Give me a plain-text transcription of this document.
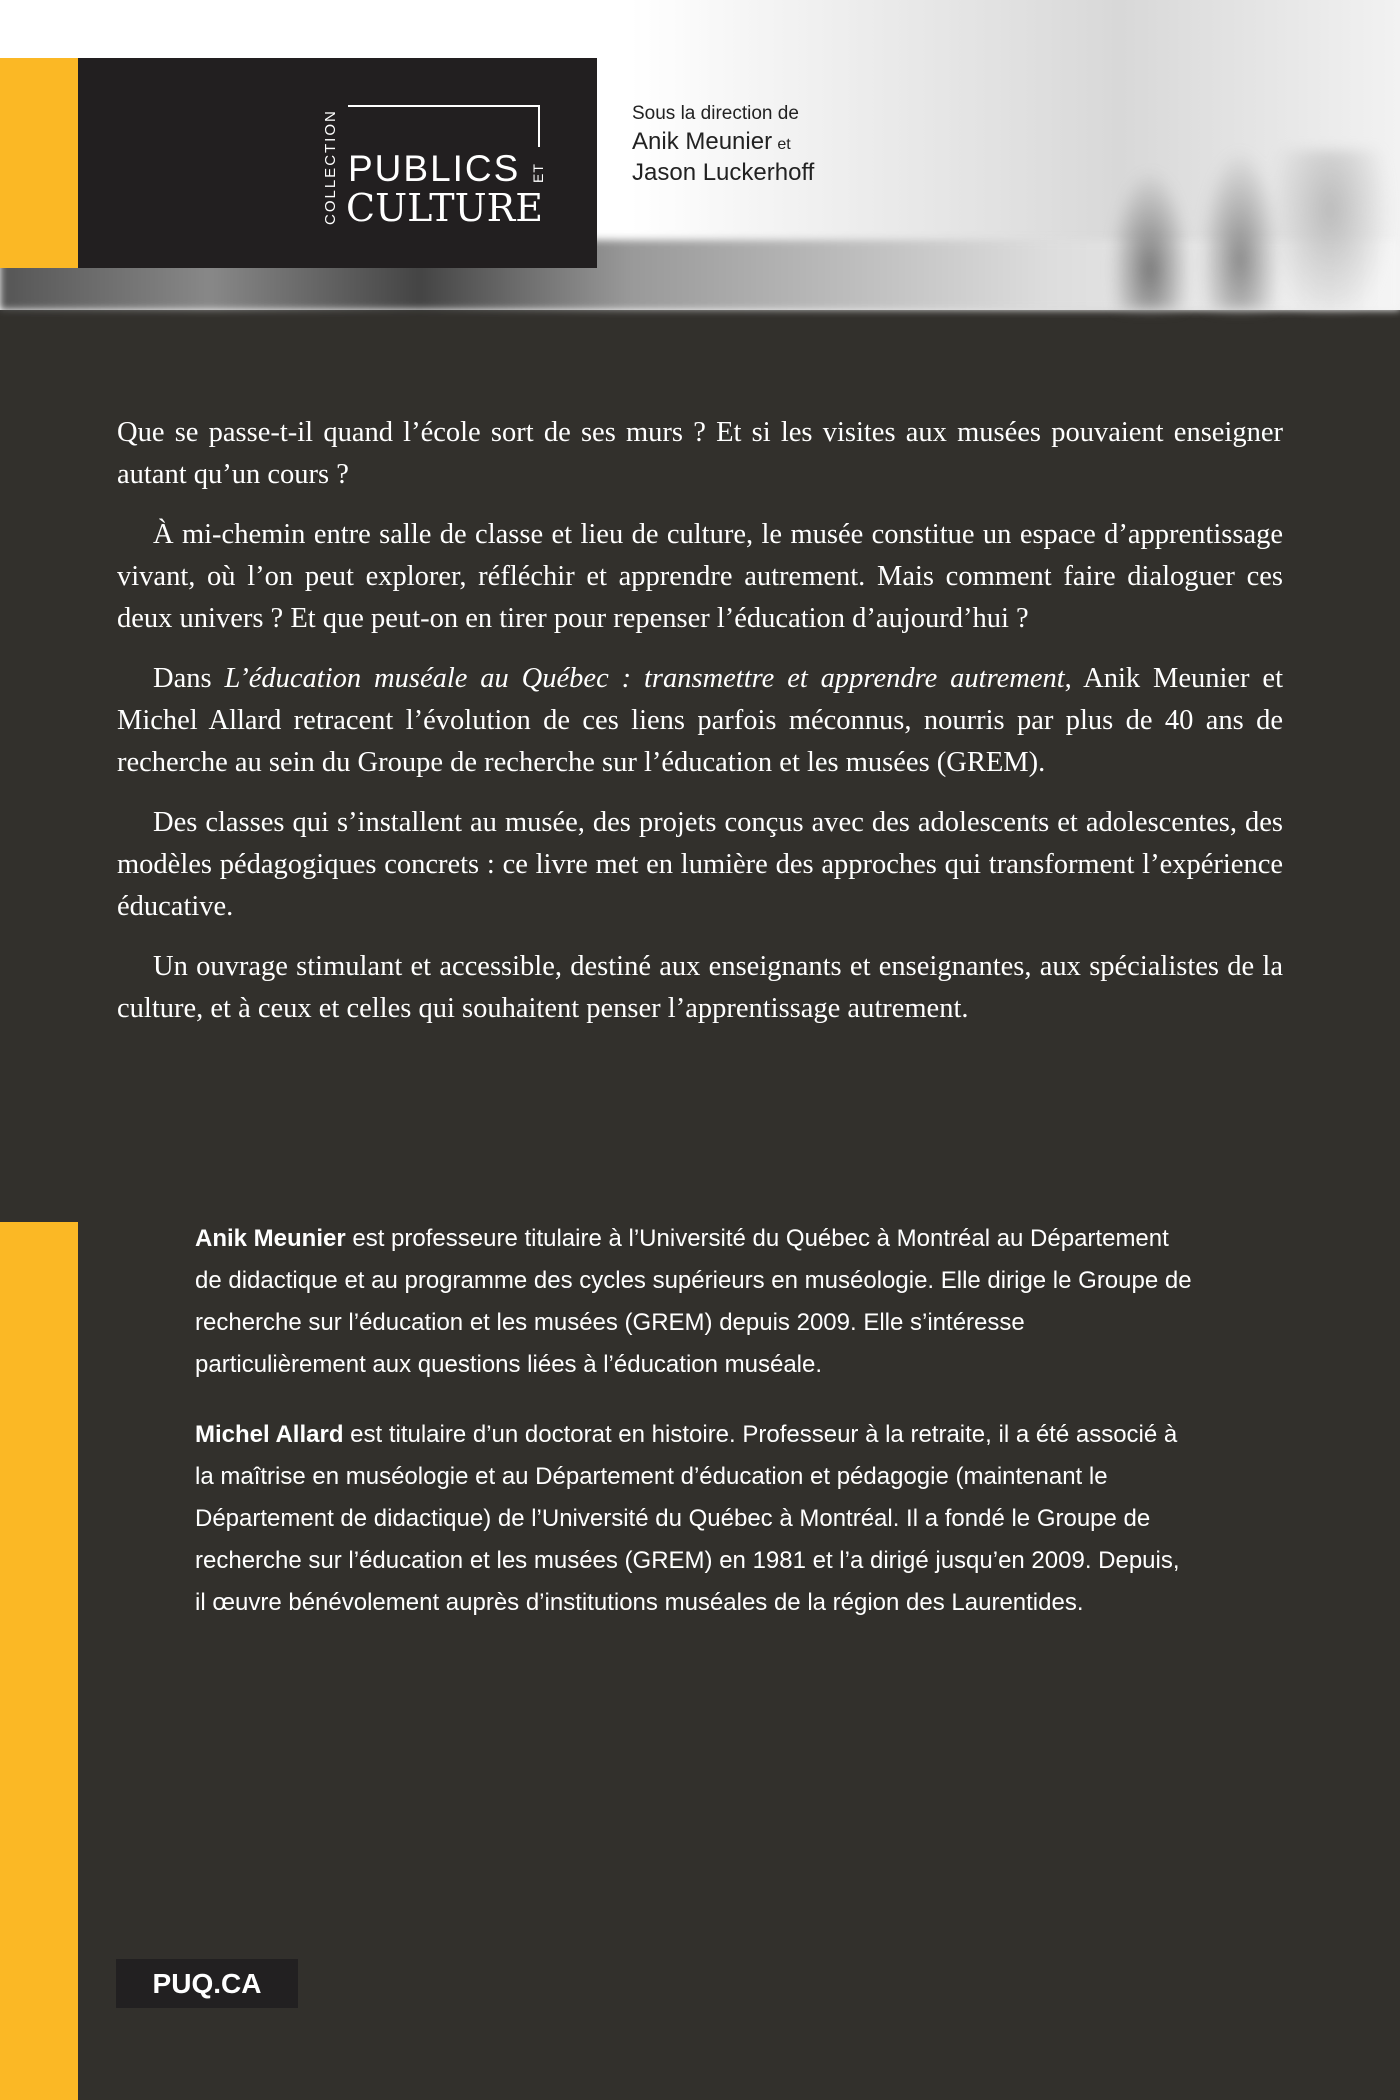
COLLECTION PUBLICS ET
CULTURE
Sous la direction de
Anik Meunier et
Jason Luckerhoff

Que se passe-t-il quand l’école sort de ses murs ? Et si les visites aux musées pouvaient enseigner autant qu’un cours ?

À mi-chemin entre salle de classe et lieu de culture, le musée constitue un espace d’apprentissage vivant, où l’on peut explorer, réfléchir et apprendre autrement. Mais comment faire dialoguer ces deux univers ? Et que peut-on en tirer pour repenser l’éducation d’aujourd’hui ?

Dans L’éducation muséale au Québec : transmettre et apprendre autrement, Anik Meunier et Michel Allard retracent l’évolution de ces liens parfois méconnus, nourris par plus de 40 ans de recherche au sein du Groupe de recherche sur l’éducation et les musées (GREM).

Des classes qui s’installent au musée, des projets conçus avec des adolescents et adolescentes, des modèles pédagogiques concrets : ce livre met en lumière des approches qui transforment l’expérience éducative.

Un ouvrage stimulant et accessible, destiné aux enseignants et enseignantes, aux spécialistes de la culture, et à ceux et celles qui souhaitent penser l’apprentissage autrement.

Anik Meunier est professeure titulaire à l’Université du Québec à Montréal au Département de didactique et au programme des cycles supérieurs en muséologie. Elle dirige le Groupe de recherche sur l’éducation et les musées (GREM) depuis 2009. Elle s’intéresse particulièrement aux questions liées à l’éducation muséale.

Michel Allard est titulaire d’un doctorat en histoire. Professeur à la retraite, il a été associé à la maîtrise en muséologie et au Département d’éducation et pédagogie (maintenant le Département de didactique) de l’Université du Québec à Montréal. Il a fondé le Groupe de recherche sur l’éducation et les musées (GREM) en 1981 et l’a dirigé jusqu’en 2009. Depuis, il œuvre bénévolement auprès d’institutions muséales de la région des Laurentides.

PUQ.CA
